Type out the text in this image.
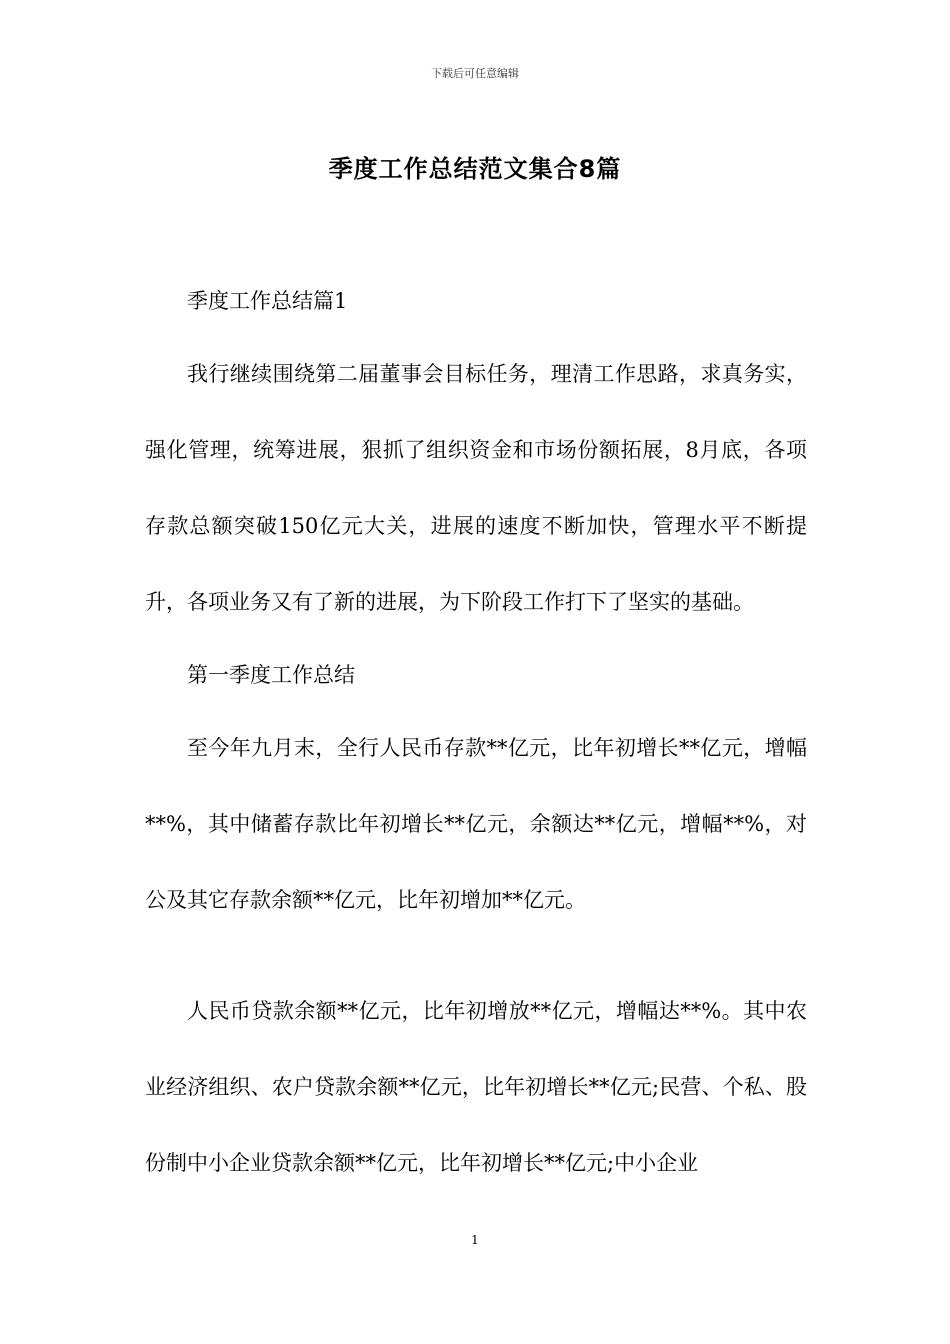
下载后可任意编辑
季度工作总结范文集合8篇

季度工作总结篇1

我行继续围绕第二届董事会目标任务，理清工作思路，求真务实，强化管理，统筹进展，狠抓了组织资金和市场份额拓展，8月底，各项存款总额突破150亿元大关，进展的速度不断加快，管理水平不断提升，各项业务又有了新的进展，为下阶段工作打下了坚实的基础。

第一季度工作总结

至今年九月末，全行人民币存款**亿元，比年初增长**亿元，增幅**%，其中储蓄存款比年初增长**亿元，余额达**亿元，增幅**%，对公及其它存款余额**亿元，比年初增加**亿元。

人民币贷款余额**亿元，比年初增放**亿元，增幅达**%。其中农业经济组织、农户贷款余额**亿元，比年初增长**亿元;民营、个私、股份制中小企业贷款余额**亿元，比年初增长**亿元;中小企业

1
